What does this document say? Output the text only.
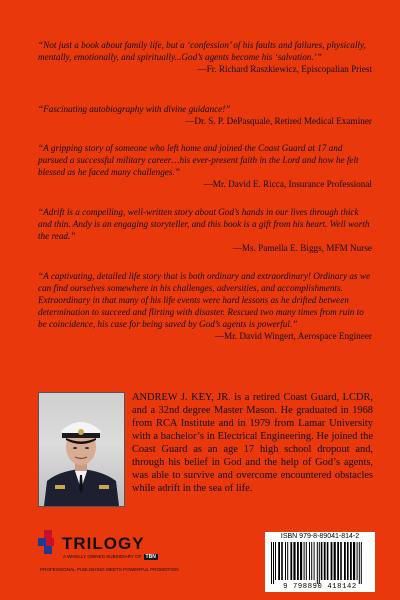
“Not just a book about family life, but a ‘confession’ of his faults and failures, physically, mentally, emotionally, and spiritually...God’s agents become his ‘salvation.’”

—Fr. Richard Raszkiewicz, Episcopalian Priest

“Fascinating autobiography with divine guidance!”

—Dr. S. P. DePasquale, Retired Medical Examiner

“A gripping story of someone who left home and joined the Coast Guard at 17 and pursued a successful military career…his ever-present faith in the Lord and how he felt blessed as he faced many challenges.”

—Mr. David E. Ricca, Insurance Professional

“Adrift is a compelling, well-written story about God’s hands in our lives through thick and thin. Andy is an engaging storyteller, and this book is a gift from his heart. Well worth the read.”

—Ms. Pamella E. Biggs, MFM Nurse

“A captivating, detailed life story that is both ordinary and extraordinary! Ordinary as we can find ourselves somewhere in his challenges, adversities, and accomplishments. Extraordinary in that many of his life events were hard lessons as he drifted between determination to succeed and flirting with disaster. Rescued two many times from ruin to be coincidence, his case for being saved by God’s agents is powerful.”

—Mr. David Wingert, Aerospace Engineer

ANDREW J. KEY, JR. is a retired Coast Guard, LCDR, and a 32nd degree Master Mason. He graduated in 1968 from RCA Institute and in 1979 from Lamar University with a bachelor’s in Electrical Engineering. He joined the Coast Guard as an age 17 high school dropout and, through his belief in God and the help of God’s agents, was able to survive and overcome encountered obstacles while adrift in the sea of life.

TRILOGY

A WHOLLY OWNED SUBSIDIARY OF TBN

PROFESSIONAL PUBLISHING MEETS POWERFUL PROMOTION

ISBN 979-8-89041-814-2

9 798890 418142
